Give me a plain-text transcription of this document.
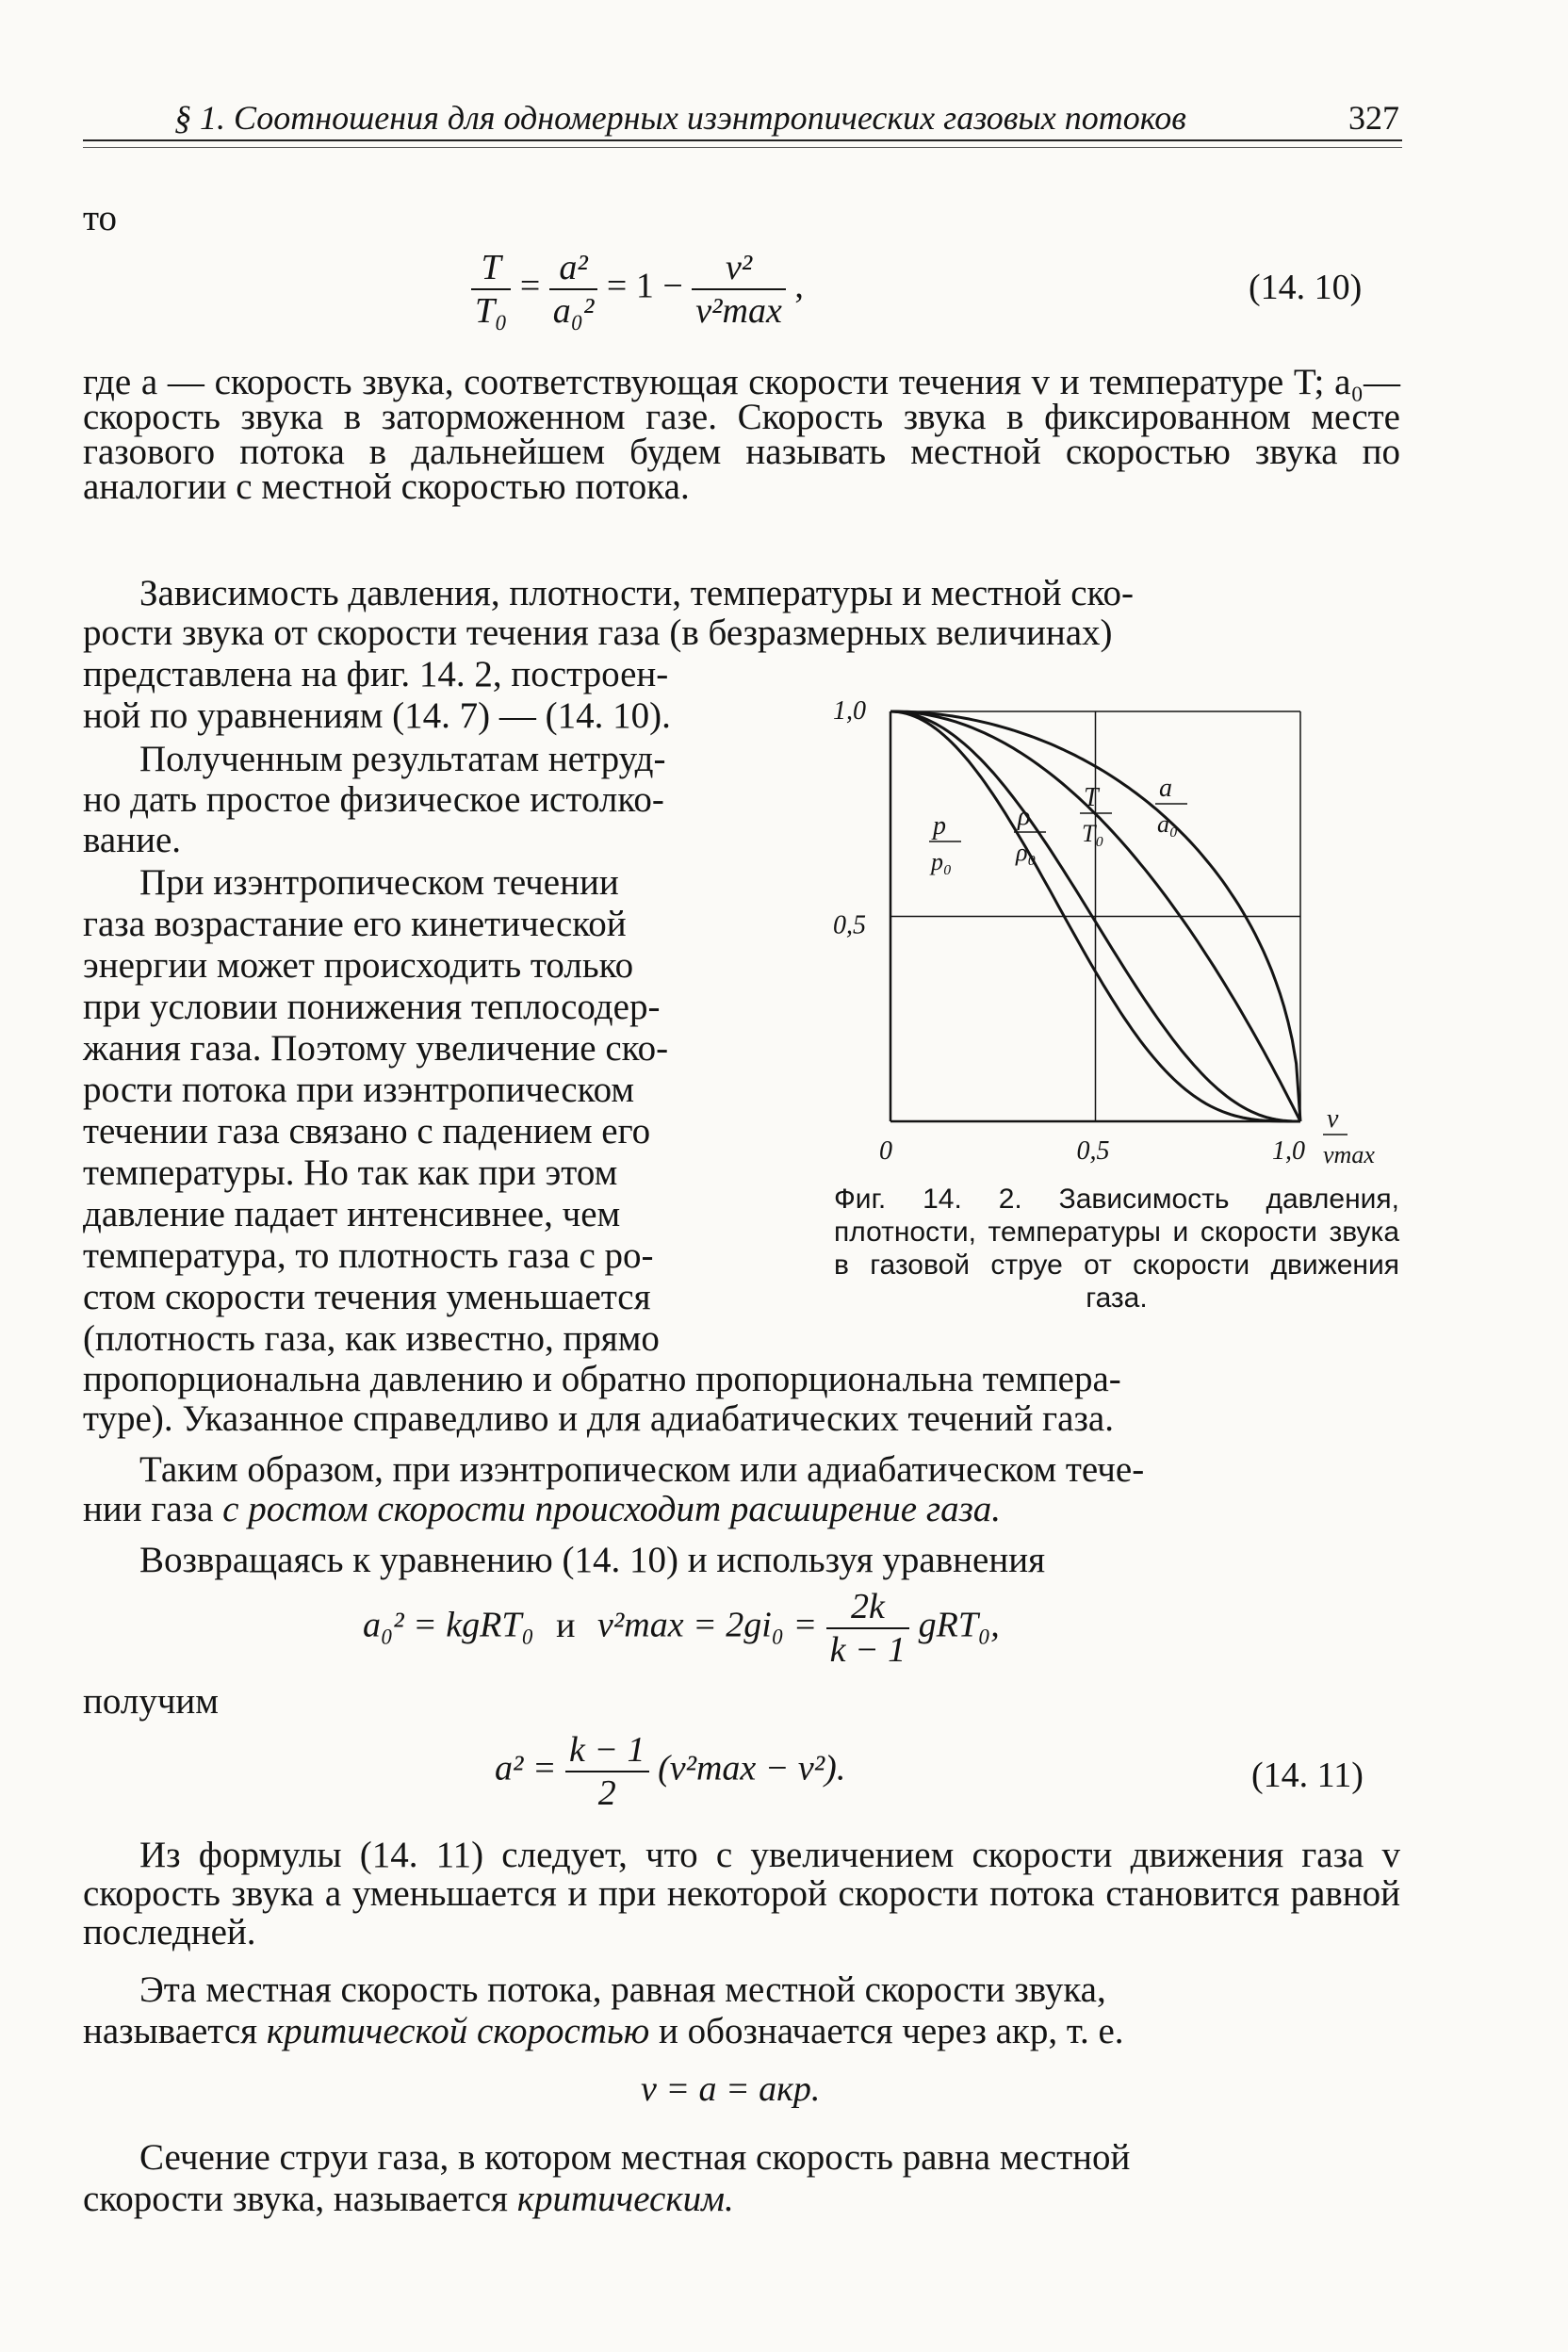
§ 1. Соотношения для одномерных изэнтропических газовых потоков	327
то
$\frac{T}{\text{T₀}} = \frac{\text{a²}}{\text{a₀²}} = 1 - \frac{\text{v²}}{\text{v²max}}$ ,	(14. 10)
где a — скорость звука, соответствующая скорости течения v и температуре T; a₀— скорость звука в заторможенном газе. Скорость звука в фиксированном месте газового потока в дальнейшем будем называть местной скоростью звука по аналогии с местной скоростью потока.
Зависимость давления, плотности, температуры и местной ско-
рости звука от скорости течения газа (в безразмерных величинах)
представлена на фиг. 14. 2, построен-
ной по уравнениям (14. 7) — (14. 10).
Полученным результатам нетруд-
но дать простое физическое истолко-
вание.
При изэнтропическом течении
газа возрастание его кинетической
энергии может происходить только
при условии понижения теплосодер-
жания газа. Поэтому увеличение ско-
рости потока при изэнтропическом
течении газа связано с падением его
температуры. Но так как при этом
давление падает интенсивнее, чем
температура, то плотность газа с ро-
стом скорости течения уменьшается
(плотность газа, как известно, прямо
пропорциональна давлению и обратно пропорциональна темпера-
туре). Указанное справедливо и для адиабатических течений газа.
Таким образом, при изэнтропическом или адиабатическом тече-
нии газа с ростом скорости происходит расширение газа.
Возвращаясь к уравнению (14. 10) и используя уравнения
a₀² = kgRT₀ и $v^2\max = 2gi_0 = \frac{2k}{k - 1} gRT_0$,
получим
$a^2 = \frac{k - 1}{2} (v^2\max - v^2)$.	(14. 11)
Из формулы (14. 11) следует, что с увеличением скорости движения газа v скорость звука a уменьшается и при некоторой скорости потока становится равной последней.
Эта местная скорость потока, равная местной скорости звука,
называется критической скоростью и обозначается через aкр, т. е.
v = a = aкр.
Сечение струи газа, в котором местная скорость равна местной
скорости звука, называется критическим.
1,0
0,5
0	0,5	1,0
v
vmax
p
p₀
ρ
ρ₀
T
T₀
a
a₀
Фиг. 14. 2. Зависимость давления, плотности, температуры и скорости звука в газовой струе от скорости движения газа.
